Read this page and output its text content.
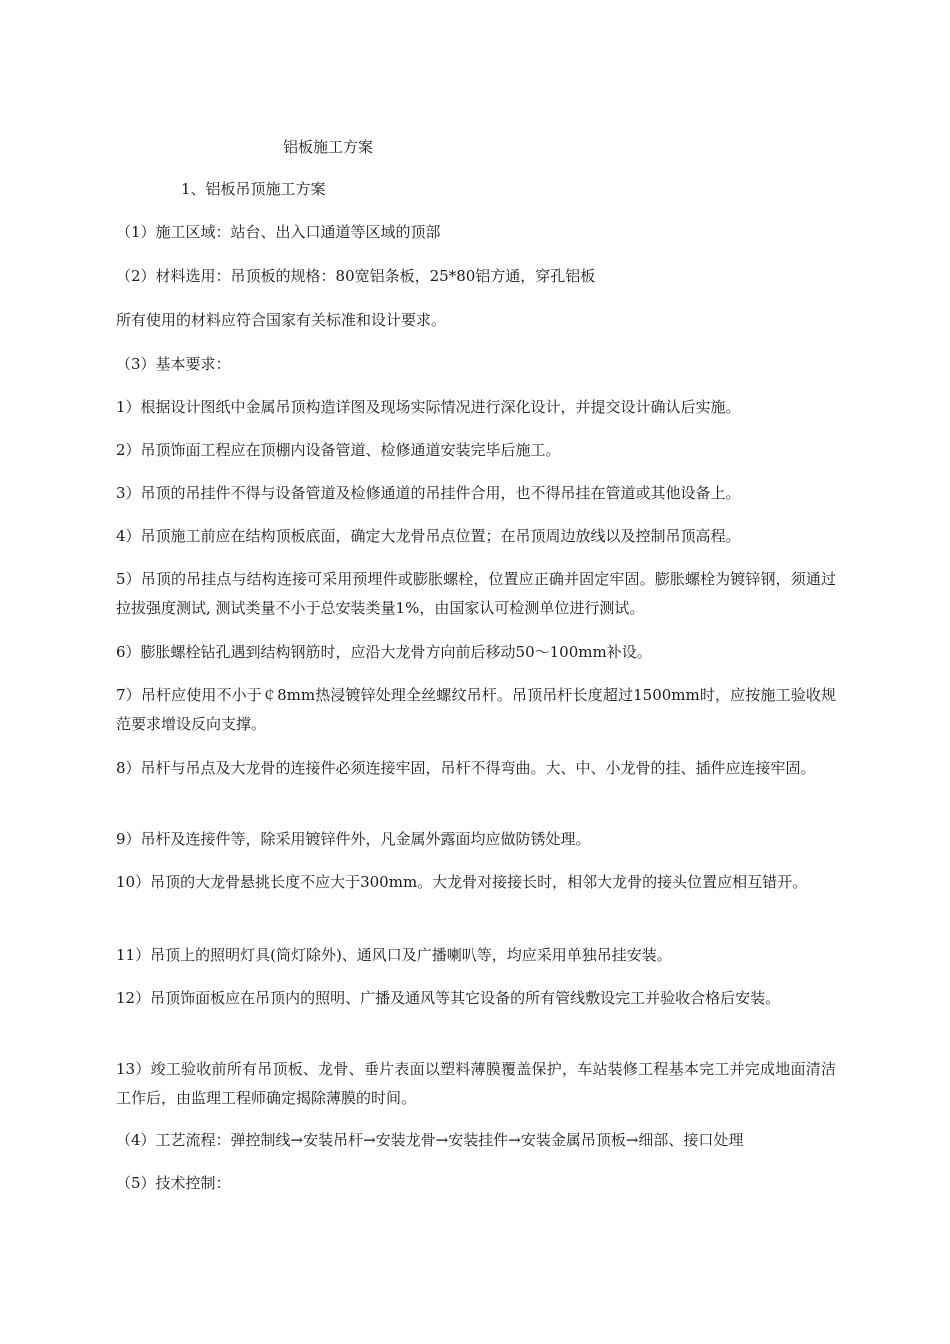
铝板施工方案
1、铝板吊顶施工方案
（1）施工区域：站台、出入口通道等区域的顶部
（2）材料选用：吊顶板的规格：80宽铝条板，25*80铝方通，穿孔铝板
所有使用的材料应符合国家有关标准和设计要求。
（3）基本要求：
1）根据设计图纸中金属吊顶构造详图及现场实际情况进行深化设计，并提交设计确认后实施。
2）吊顶饰面工程应在顶棚内设备管道、检修通道安装完毕后施工。
3）吊顶的吊挂件不得与设备管道及检修通道的吊挂件合用，也不得吊挂在管道或其他设备上。
4）吊顶施工前应在结构顶板底面，确定大龙骨吊点位置；在吊顶周边放线以及控制吊顶高程。
5）吊顶的吊挂点与结构连接可采用预埋件或膨胀螺栓，位置应正确并固定牢固。膨胀螺栓为镀锌钢，须通过拉拔强度测试, 测试类量不小于总安装类量1%，由国家认可检测单位进行测试。
6）膨胀螺栓钻孔遇到结构钢筋时，应沿大龙骨方向前后移动50～100mm补设。
7）吊杆应使用不小于￠8mm热浸镀锌处理全丝螺纹吊杆。吊顶吊杆长度超过1500mm时，应按施工验收规范要求增设反向支撑。
8）吊杆与吊点及大龙骨的连接件必须连接牢固，吊杆不得弯曲。大、中、小龙骨的挂、插件应连接牢固。
9）吊杆及连接件等，除采用镀锌件外，凡金属外露面均应做防锈处理。
10）吊顶的大龙骨悬挑长度不应大于300mm。大龙骨对接接长时，相邻大龙骨的接头位置应相互错开。
11）吊顶上的照明灯具(筒灯除外)、通风口及广播喇叭等，均应采用单独吊挂安装。
12）吊顶饰面板应在吊顶内的照明、广播及通风等其它设备的所有管线敷设完工并验收合格后安装。
13）竣工验收前所有吊顶板、龙骨、垂片表面以塑料薄膜覆盖保护，车站装修工程基本完工并完成地面清洁工作后，由监理工程师确定揭除薄膜的时间。
（4）工艺流程：弹控制线→安装吊杆→安装龙骨→安装挂件→安装金属吊顶板→细部、接口处理
（5）技术控制：
